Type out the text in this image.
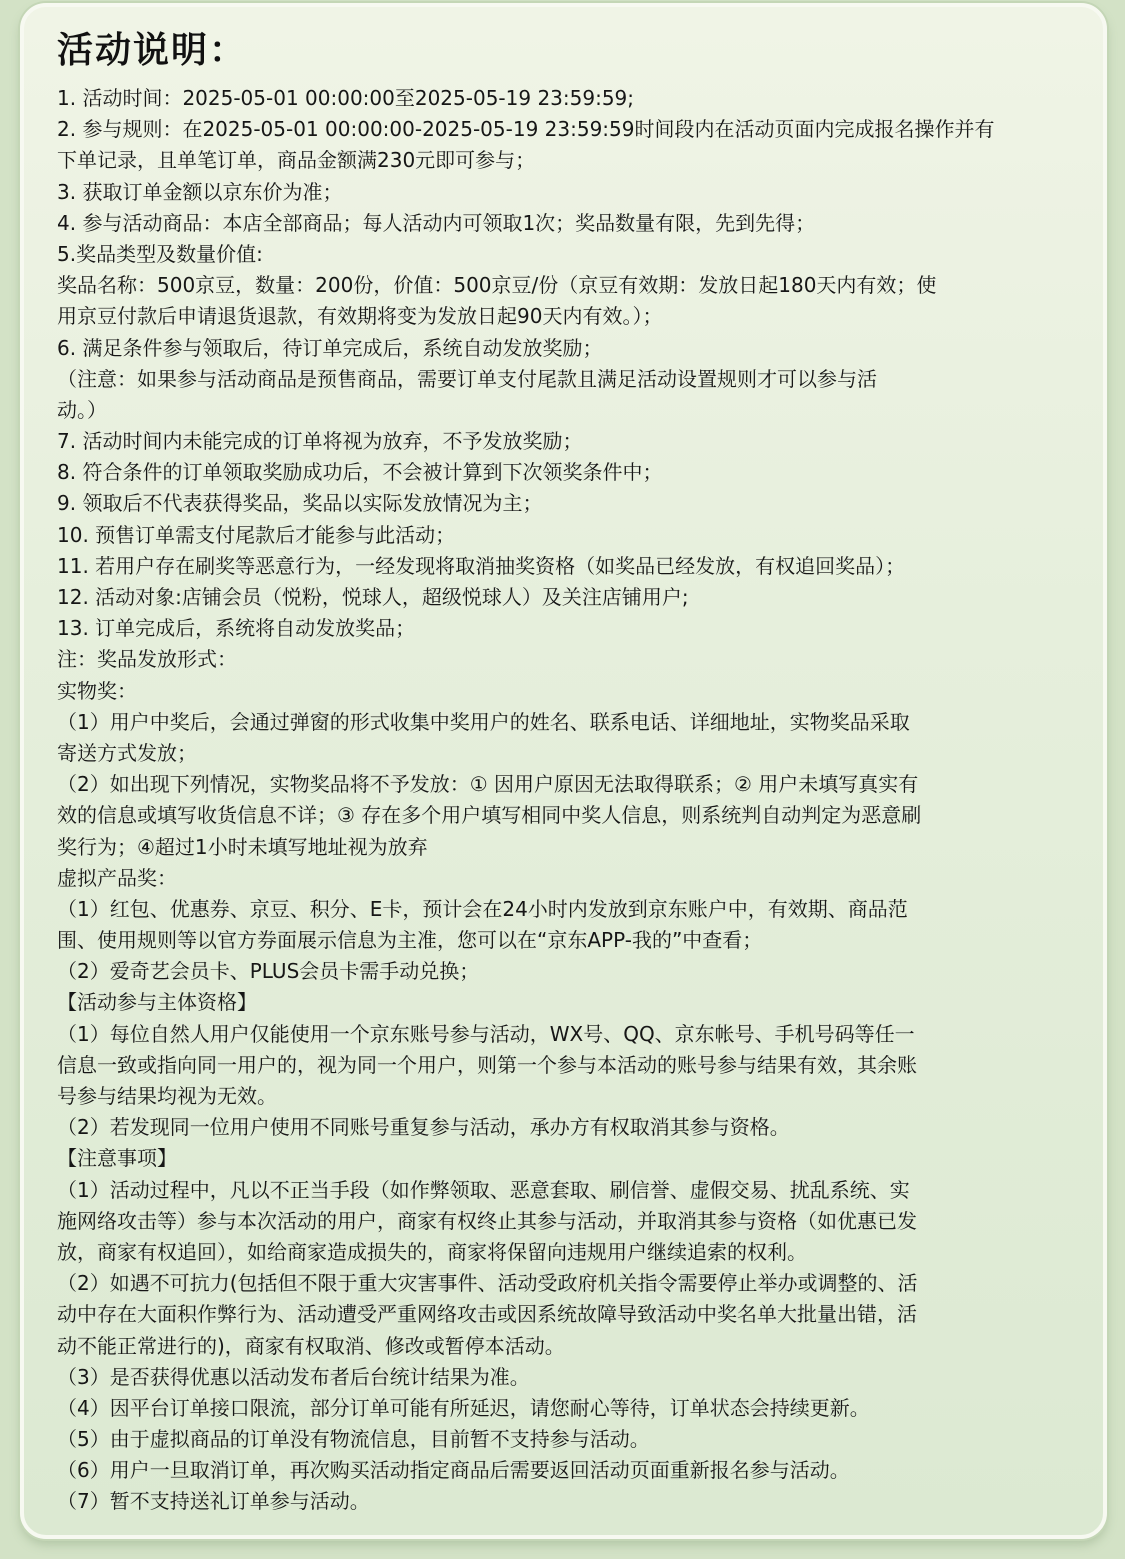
活动说明：
1. 活动时间：2025-05-01 00:00:00至2025-05-19 23:59:59;
2. 参与规则：在2025-05-01 00:00:00-2025-05-19 23:59:59时间段内在活动页面内完成报名操作并有
下单记录，且单笔订单，商品金额满230元即可参与；
3. 获取订单金额以京东价为准；
4. 参与活动商品：本店全部商品；每人活动内可领取1次；奖品数量有限，先到先得；
5.奖品类型及数量价值:
奖品名称：500京豆，数量：200份，价值：500京豆/份（京豆有效期：发放日起180天内有效；使
用京豆付款后申请退货退款，有效期将变为发放日起90天内有效。）；
6. 满足条件参与领取后，待订单完成后，系统自动发放奖励；
（注意：如果参与活动商品是预售商品，需要订单支付尾款且满足活动设置规则才可以参与活
动。）
7. 活动时间内未能完成的订单将视为放弃，不予发放奖励；
8. 符合条件的订单领取奖励成功后，不会被计算到下次领奖条件中；
9. 领取后不代表获得奖品，奖品以实际发放情况为主；
10. 预售订单需支付尾款后才能参与此活动；
11. 若用户存在刷奖等恶意行为，一经发现将取消抽奖资格（如奖品已经发放，有权追回奖品）；
12. 活动对象:店铺会员（悦粉，悦球人，超级悦球人）及关注店铺用户;
13. 订单完成后，系统将自动发放奖品；
注：奖品发放形式：
实物奖：
（1）用户中奖后，会通过弹窗的形式收集中奖用户的姓名、联系电话、详细地址，实物奖品采取
寄送方式发放；
（2）如出现下列情况，实物奖品将不予发放：① 因用户原因无法取得联系；② 用户未填写真实有
效的信息或填写收货信息不详；③ 存在多个用户填写相同中奖人信息，则系统判自动判定为恶意刷
奖行为；④超过1小时未填写地址视为放弃
虚拟产品奖：
（1）红包、优惠券、京豆、积分、E卡，预计会在24小时内发放到京东账户中，有效期、商品范
围、使用规则等以官方券面展示信息为主准，您可以在“京东APP-我的”中查看；
（2）爱奇艺会员卡、PLUS会员卡需手动兑换；
【活动参与主体资格】
（1）每位自然人用户仅能使用一个京东账号参与活动，WX号、QQ、京东帐号、手机号码等任一
信息一致或指向同一用户的，视为同一个用户，则第一个参与本活动的账号参与结果有效，其余账
号参与结果均视为无效。
（2）若发现同一位用户使用不同账号重复参与活动，承办方有权取消其参与资格。
【注意事项】
（1）活动过程中，凡以不正当手段（如作弊领取、恶意套取、刷信誉、虚假交易、扰乱系统、实
施网络攻击等）参与本次活动的用户，商家有权终止其参与活动，并取消其参与资格（如优惠已发
放，商家有权追回），如给商家造成损失的，商家将保留向违规用户继续追索的权利。
（2）如遇不可抗力(包括但不限于重大灾害事件、活动受政府机关指令需要停止举办或调整的、活
动中存在大面积作弊行为、活动遭受严重网络攻击或因系统故障导致活动中奖名单大批量出错，活
动不能正常进行的)，商家有权取消、修改或暂停本活动。
（3）是否获得优惠以活动发布者后台统计结果为准。
（4）因平台订单接口限流，部分订单可能有所延迟，请您耐心等待，订单状态会持续更新。
（5）由于虚拟商品的订单没有物流信息，目前暂不支持参与活动。
（6）用户一旦取消订单，再次购买活动指定商品后需要返回活动页面重新报名参与活动。
（7）暂不支持送礼订单参与活动。
